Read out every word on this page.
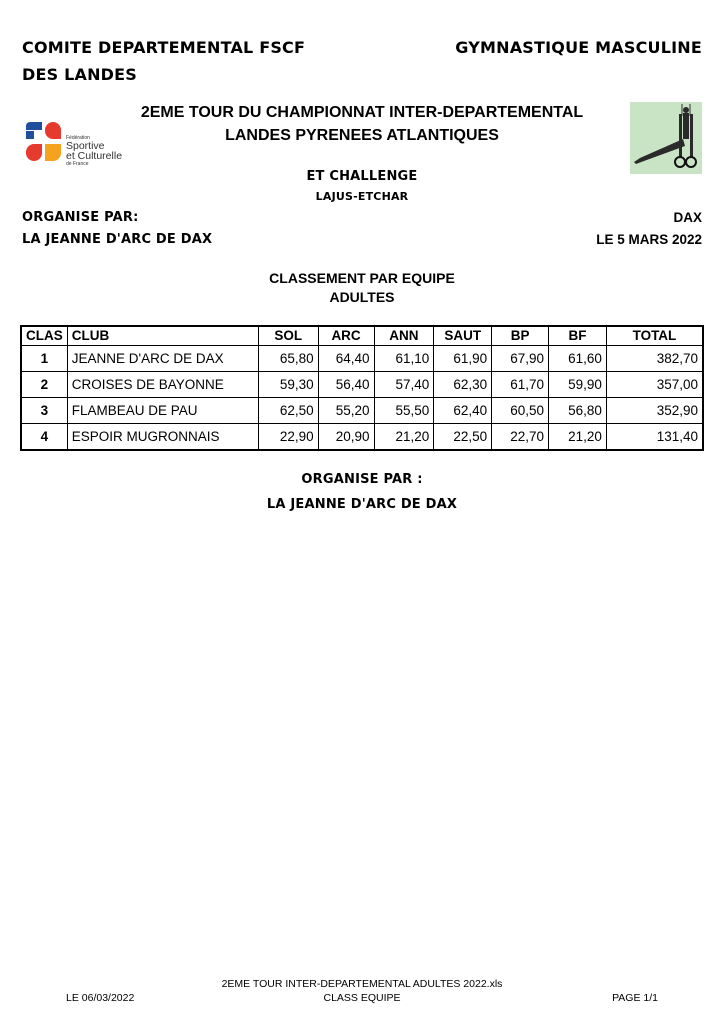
COMITE DEPARTEMENTAL FSCF
DES LANDES
GYMNASTIQUE MASCULINE
Fédération
Sportive
et Culturelle
de France
2EME TOUR DU CHAMPIONNAT INTER-DEPARTEMENTAL
LANDES PYRENEES ATLANTIQUES
ET CHALLENGE
LAJUS-ETCHAR
ORGANISE PAR:
LA JEANNE D'ARC DE DAX
DAX
LE 5 MARS 2022
CLASSEMENT PAR EQUIPE
ADULTES
CLAS	CLUB	SOL	ARC	ANN	SAUT	BP	BF	TOTAL
1	JEANNE D'ARC DE DAX	65,80	64,40	61,10	61,90	67,90	61,60	382,70
2	CROISES DE BAYONNE	59,30	56,40	57,40	62,30	61,70	59,90	357,00
3	FLAMBEAU DE PAU	62,50	55,20	55,50	62,40	60,50	56,80	352,90
4	ESPOIR MUGRONNAIS	22,90	20,90	21,20	22,50	22,70	21,20	131,40
ORGANISE PAR :
LA JEANNE D'ARC DE DAX
2EME TOUR INTER-DEPARTEMENTAL ADULTES 2022.xls
LE 06/03/2022	CLASS EQUIPE	PAGE 1/1
